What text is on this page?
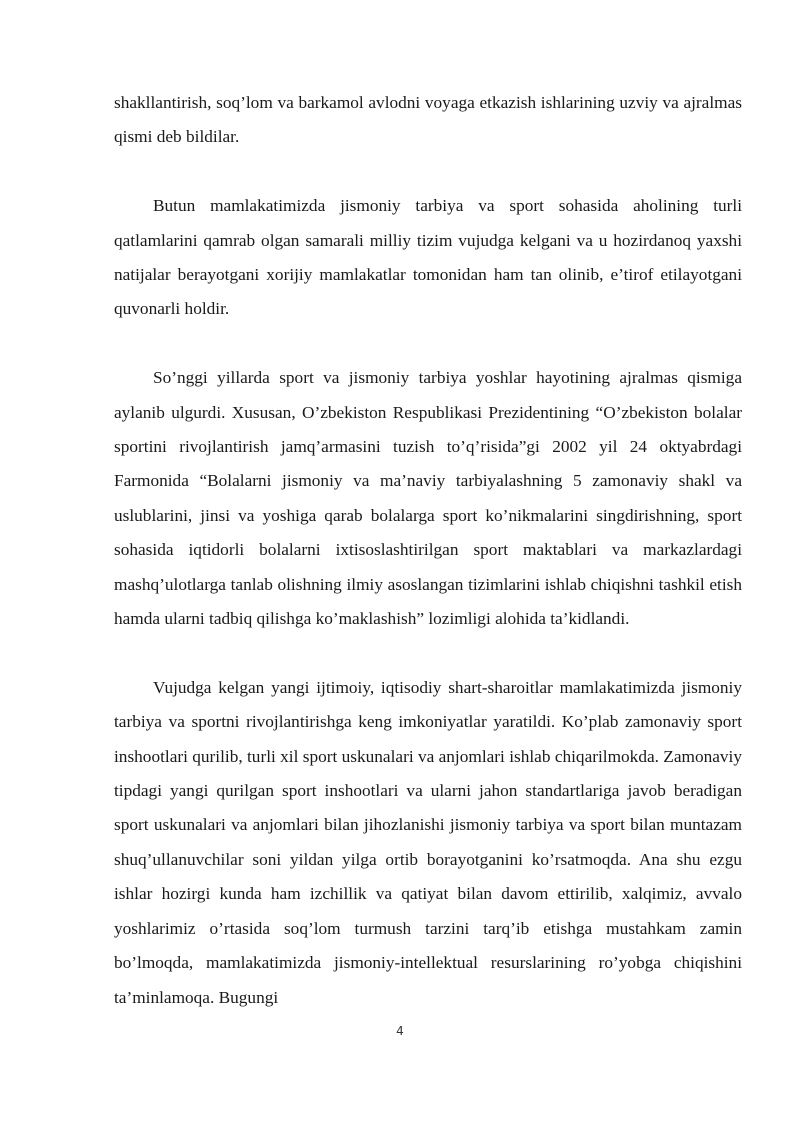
shakllantirish, soq’lom va barkamol avlodni voyaga etkazish ishlarining uzviy va ajralmas qismi deb bildilar.

Butun mamlakatimizda jismoniy tarbiya va sport sohasida aholining turli qatlamlarini qamrab olgan samarali milliy tizim vujudga kelgani va u hozirdanoq yaxshi natijalar berayotgani xorijiy mamlakatlar tomonidan ham tan olinib, e’tirof etilayotgani quvonarli holdir.

So’nggi yillarda sport va jismoniy tarbiya yoshlar hayotining ajralmas qismiga aylanib ulgurdi. Xususan, O’zbekiston Respublikasi Prezidentining “O’zbekiston bolalar sportini rivojlantirish jamq’armasini tuzish to’q’risida”gi 2002 yil 24 oktyabrdagi Farmonida “Bolalarni jismoniy va ma’naviy tarbiyalashning 5 zamonaviy shakl va uslublarini, jinsi va yoshiga qarab bolalarga sport ko’nikmalarini singdirishning, sport sohasida iqtidorli bolalarni ixtisoslashtirilgan sport maktablari va markazlardagi mashq’ulotlarga tanlab olishning ilmiy asoslangan tizimlarini ishlab chiqishni tashkil etish hamda ularni tadbiq qilishga ko’maklashish” lozimligi alohida ta’kidlandi.

Vujudga kelgan yangi ijtimoiy, iqtisodiy shart-sharoitlar mamlakatimizda jismoniy tarbiya va sportni rivojlantirishga keng imkoniyatlar yaratildi. Ko’plab zamonaviy sport inshootlari qurilib, turli xil sport uskunalari va anjomlari ishlab chiqarilmokda. Zamonaviy tipdagi yangi qurilgan sport inshootlari va ularni jahon standartlariga javob beradigan sport uskunalari va anjomlari bilan jihozlanishi jismoniy tarbiya va sport bilan muntazam shuq’ullanuvchilar soni yildan yilga ortib borayotganini ko’rsatmoqda. Ana shu ezgu ishlar hozirgi kunda ham izchillik va qatiyat bilan davom ettirilib, xalqimiz, avvalo yoshlarimiz o’rtasida soq’lom turmush tarzini tarq’ib etishga mustahkam zamin bo’lmoqda, mamlakatimizda jismoniy-intellektual resurslarining ro’yobga chiqishini ta’minlamoqa. Bugungi

4
